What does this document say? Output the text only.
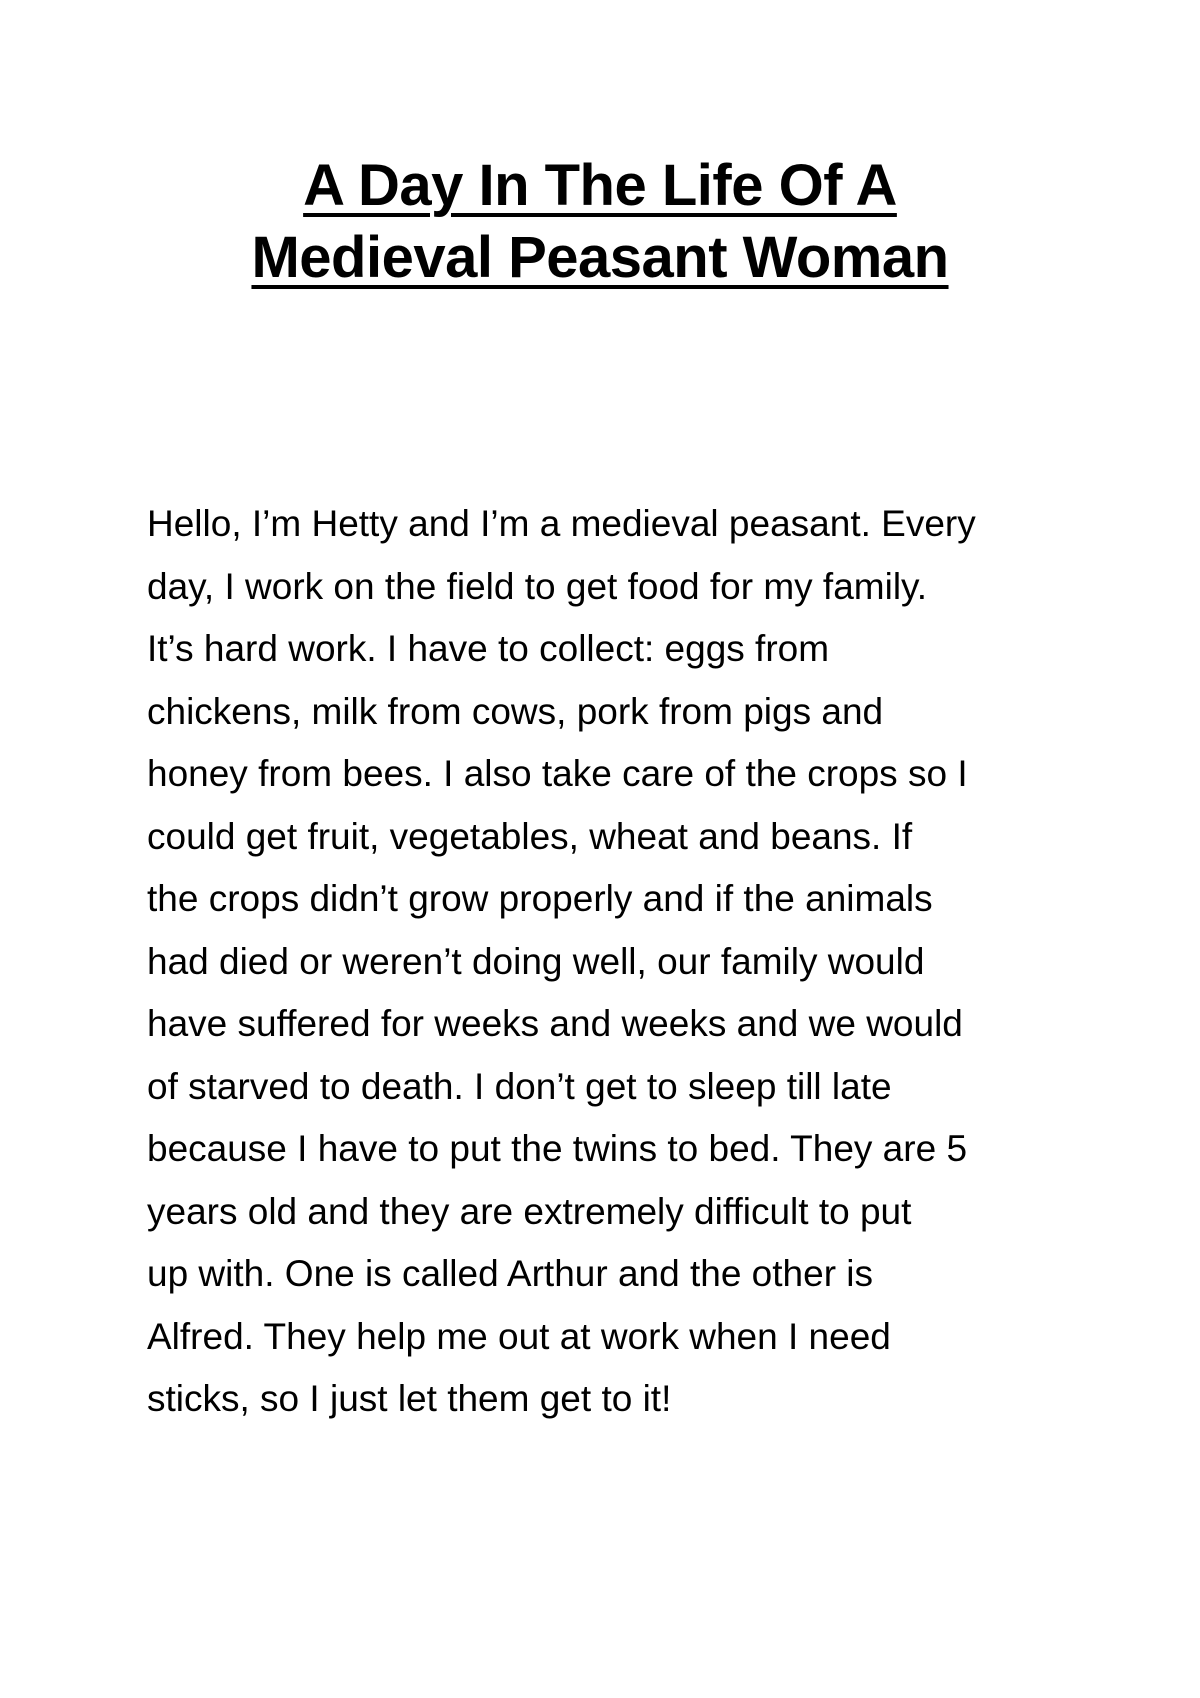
A Day In The Life Of A
Medieval Peasant Woman

Hello, I’m Hetty and I’m a medieval peasant. Every
day, I work on the field to get food for my family.
It’s hard work. I have to collect: eggs from
chickens, milk from cows, pork from pigs and
honey from bees. I also take care of the crops so I
could get fruit, vegetables, wheat and beans. If
the crops didn’t grow properly and if the animals
had died or weren’t doing well, our family would
have suffered for weeks and weeks and we would
of starved to death. I don’t get to sleep till late
because I have to put the twins to bed. They are 5
years old and they are extremely difficult to put
up with. One is called Arthur and the other is
Alfred. They help me out at work when I need
sticks, so I just let them get to it!
